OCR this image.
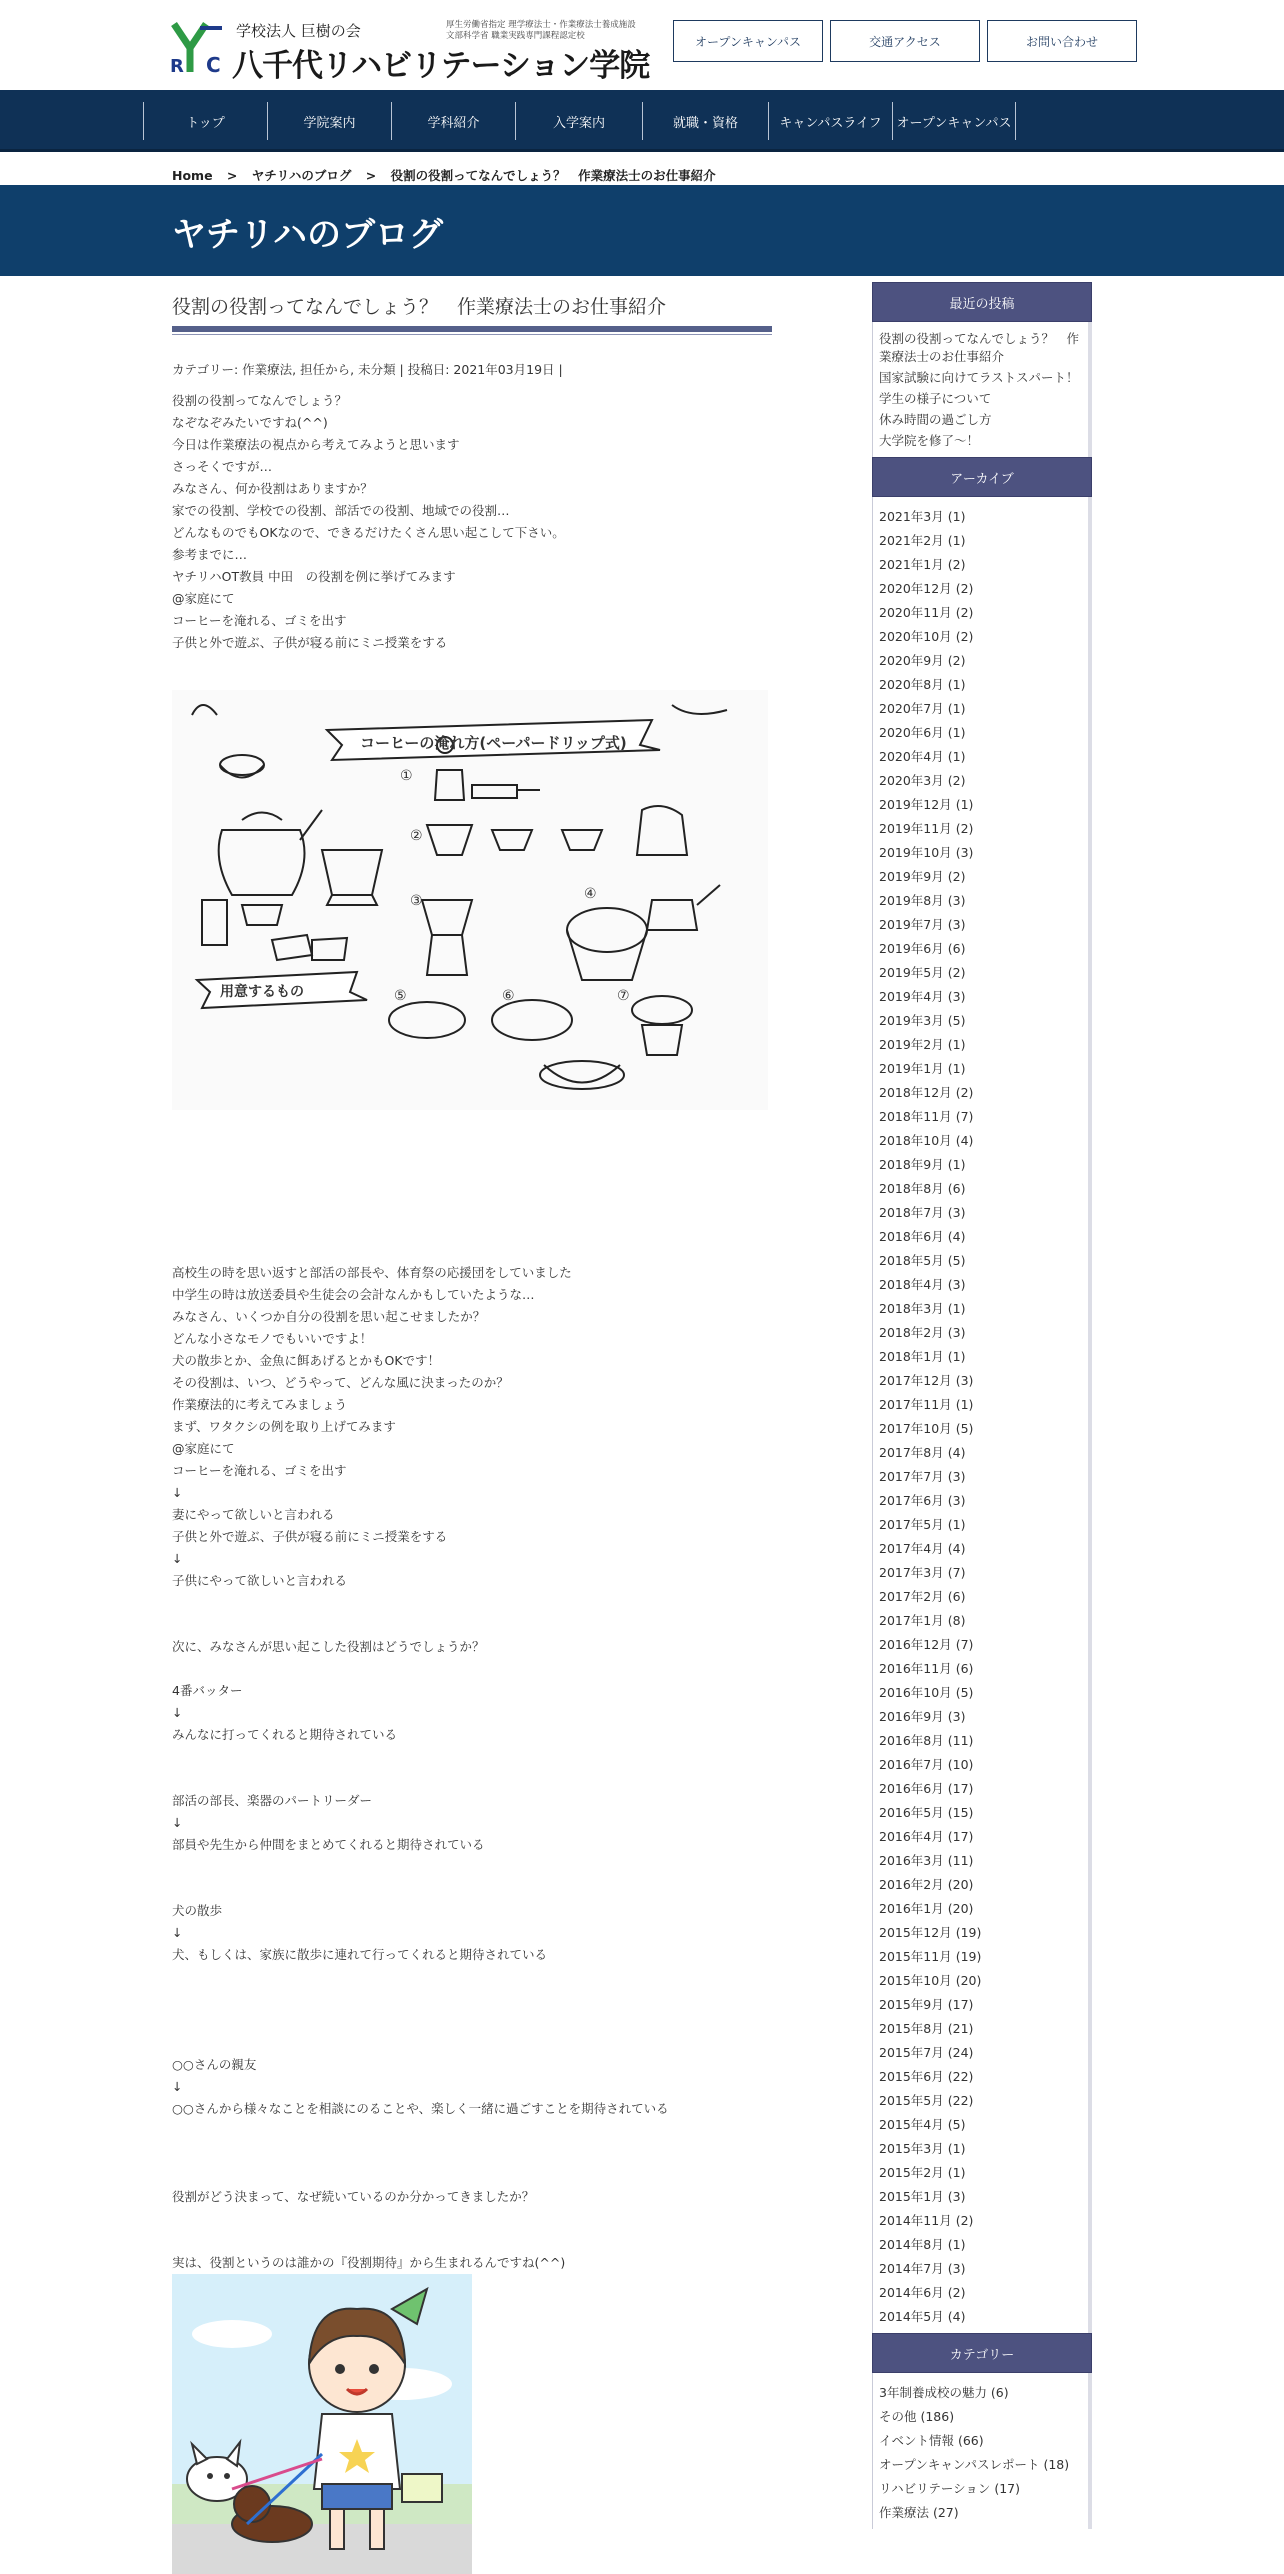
R C
学校法人 巨樹の会
八千代リハビリテーション学院
厚生労働省指定 理学療法士・作業療法士養成施設
文部科学省 職業実践専門課程認定校	オープンキャンパス	交通アクセス	お問い合わせ
トップ	学院案内	学科紹介	入学案内	就職・資格	キャンパスライフ	オープンキャンパス
Home > ヤチリハのブログ > 役割の役割ってなんでしょう？　作業療法士のお仕事紹介
ヤチリハのブログ
役割の役割ってなんでしょう？　作業療法士のお仕事紹介
カテゴリー: 作業療法, 担任から, 未分類 | 投稿日: 2021年03月19日 |
役割の役割ってなんでしょう？
なぞなぞみたいですね(^^)
今日は作業療法の視点から考えてみようと思います
さっそくですが…
みなさん、何か役割はありますか？
家での役割、学校での役割、部活での役割、地域での役割…
どんなものでもOKなので、できるだけたくさん思い起こして下さい。
参考までに…
ヤチリハOT教員 中田　の役割を例に挙げてみます
@家庭にて
コーヒーを淹れる、ゴミを出す
子供と外で遊ぶ、子供が寝る前にミニ授業をする
コーヒーの淹れ方(ペーパードリップ式)
用意するもの
①
②
③	④
⑤	⑥	⑦
高校生の時を思い返すと部活の部長や、体育祭の応援団をしていました
中学生の時は放送委員や生徒会の会計なんかもしていたような…
みなさん、いくつか自分の役割を思い起こせましたか？
どんな小さなモノでもいいですよ！
犬の散歩とか、金魚に餌あげるとかもOKです！
その役割は、いつ、どうやって、どんな風に決まったのか？
作業療法的に考えてみましょう
まず、ワタクシの例を取り上げてみます
@家庭にて
コーヒーを淹れる、ゴミを出す
↓
妻にやって欲しいと言われる
子供と外で遊ぶ、子供が寝る前にミニ授業をする
↓
子供にやって欲しいと言われる
次に、みなさんが思い起こした役割はどうでしょうか？
4番バッター
↓
みんなに打ってくれると期待されている
部活の部長、楽器のパートリーダー
↓
部員や先生から仲間をまとめてくれると期待されている
犬の散歩
↓
犬、もしくは、家族に散歩に連れて行ってくれると期待されている
○○さんの親友
↓
○○さんから様々なことを相談にのることや、楽しく一緒に過ごすことを期待されている
役割がどう決まって、なぜ続いているのか分かってきましたか？
実は、役割というのは誰かの『役割期待』から生まれるんですね(^^)
最近の投稿
役割の役割ってなんでしょう？　作業療法士のお仕事紹介
国家試験に向けてラストスパート！
学生の様子について
休み時間の過ごし方
大学院を修了～！
アーカイブ
2021年3月 (1)
2021年2月 (1)
2021年1月 (2)
2020年12月 (2)
2020年11月 (2)
2020年10月 (2)
2020年9月 (2)
2020年8月 (1)
2020年7月 (1)
2020年6月 (1)
2020年4月 (1)
2020年3月 (2)
2019年12月 (1)
2019年11月 (2)
2019年10月 (3)
2019年9月 (2)
2019年8月 (3)
2019年7月 (3)
2019年6月 (6)
2019年5月 (2)
2019年4月 (3)
2019年3月 (5)
2019年2月 (1)
2019年1月 (1)
2018年12月 (2)
2018年11月 (7)
2018年10月 (4)
2018年9月 (1)
2018年8月 (6)
2018年7月 (3)
2018年6月 (4)
2018年5月 (5)
2018年4月 (3)
2018年3月 (1)
2018年2月 (3)
2018年1月 (1)
2017年12月 (3)
2017年11月 (1)
2017年10月 (5)
2017年8月 (4)
2017年7月 (3)
2017年6月 (3)
2017年5月 (1)
2017年4月 (4)
2017年3月 (7)
2017年2月 (6)
2017年1月 (8)
2016年12月 (7)
2016年11月 (6)
2016年10月 (5)
2016年9月 (3)
2016年8月 (11)
2016年7月 (10)
2016年6月 (17)
2016年5月 (15)
2016年4月 (17)
2016年3月 (11)
2016年2月 (20)
2016年1月 (20)
2015年12月 (19)
2015年11月 (19)
2015年10月 (20)
2015年9月 (17)
2015年8月 (21)
2015年7月 (24)
2015年6月 (22)
2015年5月 (22)
2015年4月 (5)
2015年3月 (1)
2015年2月 (1)
2015年1月 (3)
2014年11月 (2)
2014年8月 (1)
2014年7月 (3)
2014年6月 (2)
2014年5月 (4)
カテゴリー
3年制養成校の魅力 (6)
その他 (186)
イベント情報 (66)
オープンキャンパスレポート (18)
リハビリテーション (17)
作業療法 (27)
